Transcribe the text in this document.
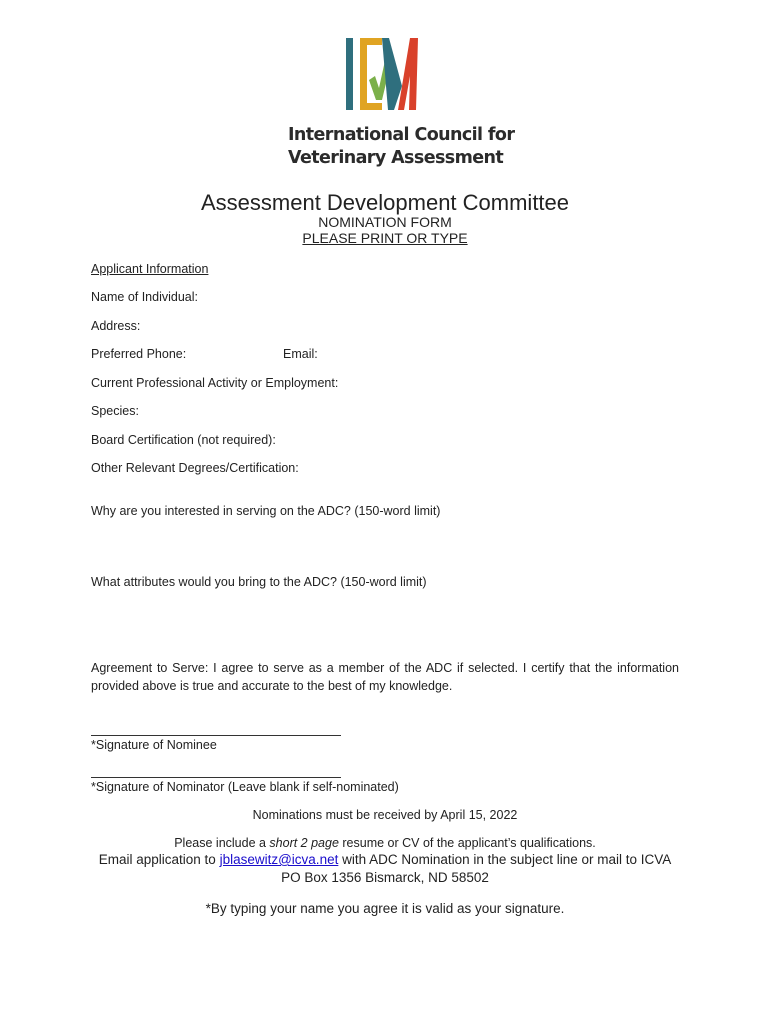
International Council for
Veterinary Assessment
Assessment Development Committee
NOMINATION FORM
PLEASE PRINT OR TYPE
Applicant Information
Name of Individual:
Address:
Preferred Phone:	Email:
Current Professional Activity or Employment:
Species:
Board Certification (not required):
Other Relevant Degrees/Certification:
Why are you interested in serving on the ADC? (150-word limit)
What attributes would you bring to the ADC? (150-word limit)
Agreement to Serve: I agree to serve as a member of the ADC if selected. I certify that the information provided above is true and accurate to the best of my knowledge.
*Signature of Nominee
*Signature of Nominator (Leave blank if self-nominated)
Nominations must be received by April 15, 2022
Please include a short 2 page resume or CV of the applicant’s qualifications.
Email application to jblasewitz@icva.net with ADC Nomination in the subject line or mail to ICVA
PO Box 1356 Bismarck, ND 58502
*By typing your name you agree it is valid as your signature.
